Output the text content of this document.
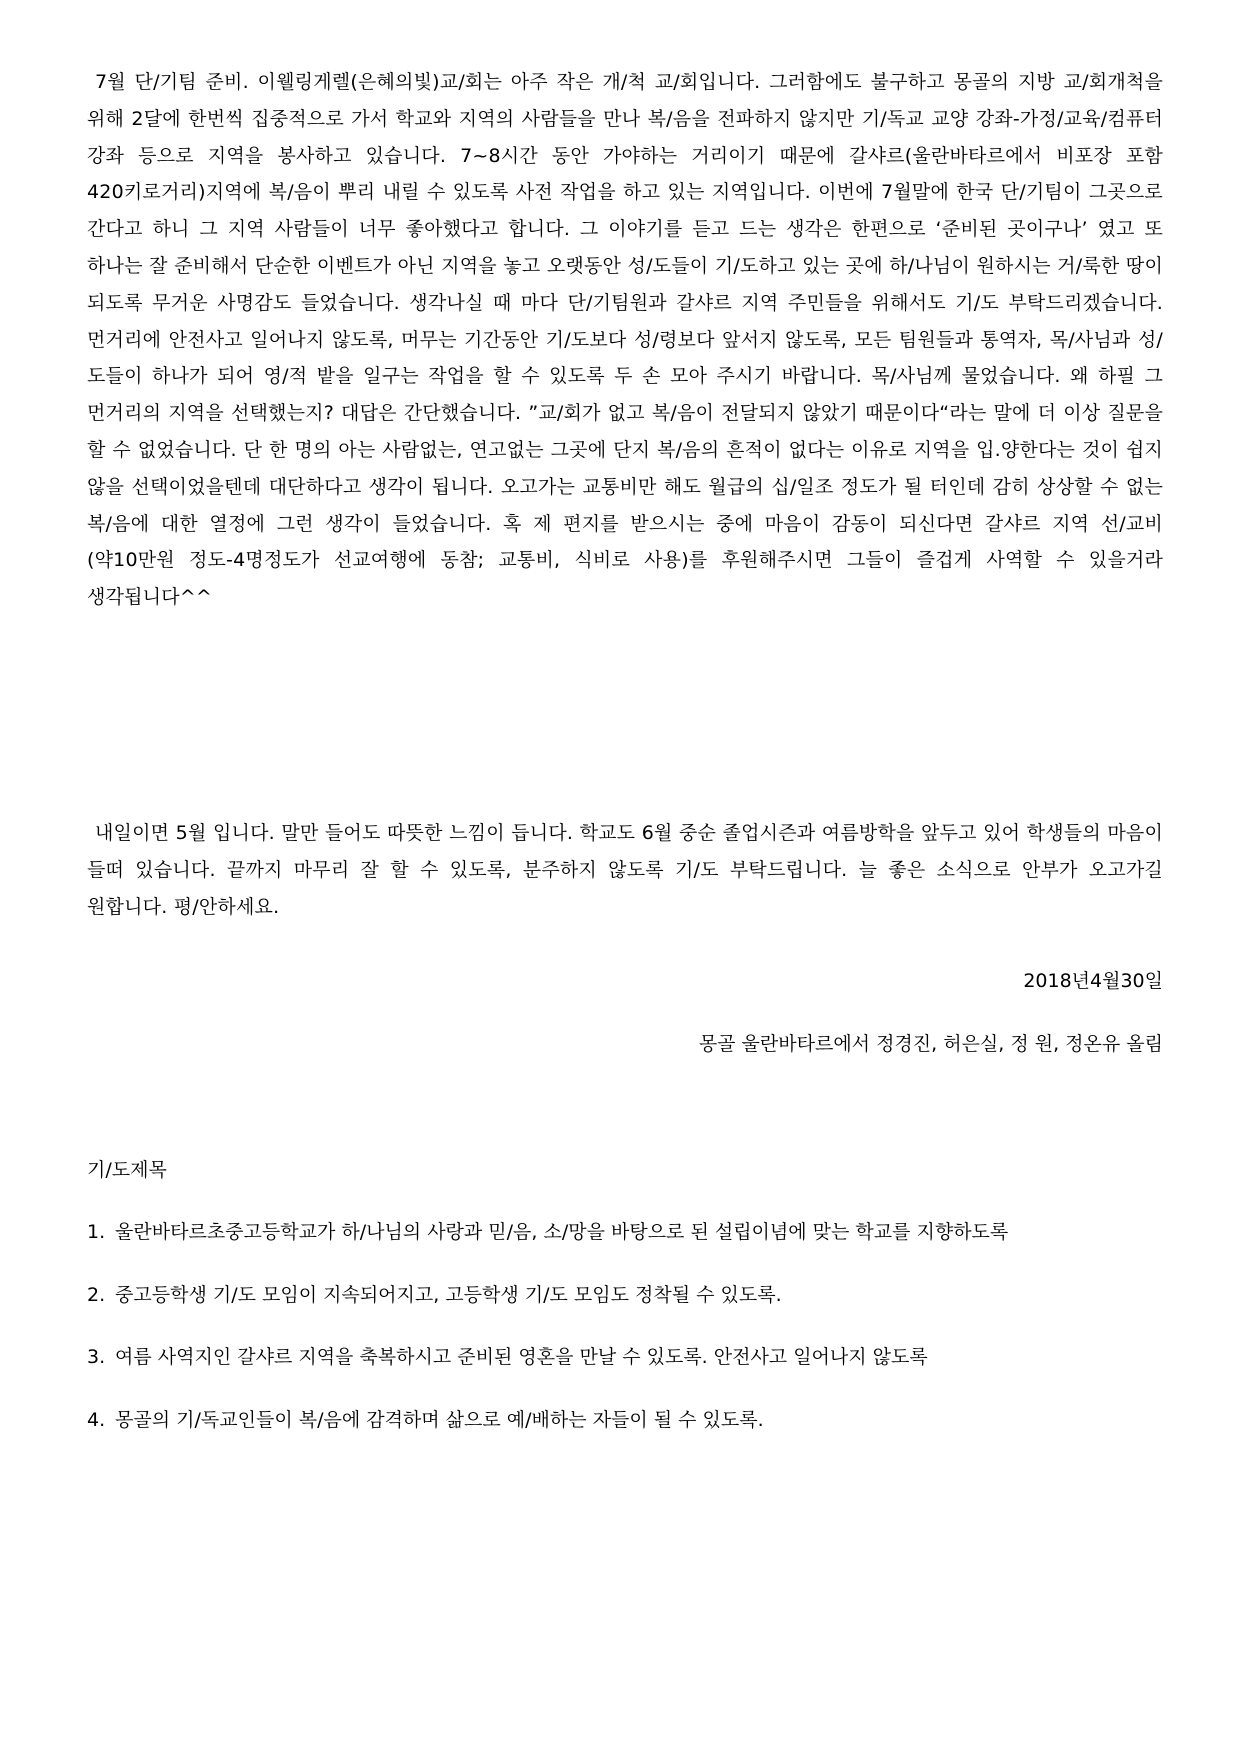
7월 단/기팀 준비. 이웰링게렐(은혜의빛)교/회는 아주 작은 개/척 교/회입니다. 그러함에도 불구하고 몽골의 지방 교/회개척을 위해 2달에 한번씩 집중적으로 가서 학교와 지역의 사람들을 만나 복/음을 전파하지 않지만 기/독교 교양 강좌-가정/교육/컴퓨터 강좌 등으로 지역을 봉사하고 있습니다. 7~8시간 동안 가야하는 거리이기 때문에 갈샤르(울란바타르에서 비포장 포함 420키로거리)지역에 복/음이 뿌리 내릴 수 있도록 사전 작업을 하고 있는 지역입니다. 이번에 7월말에 한국 단/기팀이 그곳으로 간다고 하니 그 지역 사람들이 너무 좋아했다고 합니다. 그 이야기를 듣고 드는 생각은 한편으로 ‘준비된 곳이구나’ 였고 또 하나는 잘 준비해서 단순한 이벤트가 아닌 지역을 놓고 오랫동안 성/도들이 기/도하고 있는 곳에 하/나님이 원하시는 거/룩한 땅이 되도록 무거운 사명감도 들었습니다. 생각나실 때 마다 단/기팀원과 갈샤르 지역 주민들을 위해서도 기/도 부탁드리겠습니다. 먼거리에 안전사고 일어나지 않도록, 머무는 기간동안 기/도보다 성/령보다 앞서지 않도록, 모든 팀원들과 통역자, 목/사님과 성/도들이 하나가 되어 영/적 밭을 일구는 작업을 할 수 있도록 두 손 모아 주시기 바랍니다. 목/사님께 물었습니다. 왜 하필 그 먼거리의 지역을 선택했는지? 대답은 간단했습니다. ”교/회가 없고 복/음이 전달되지 않았기 때문이다“라는 말에 더 이상 질문을 할 수 없었습니다. 단 한 명의 아는 사람없는, 연고없는 그곳에 단지 복/음의 흔적이 없다는 이유로 지역을 입.양한다는 것이 쉽지 않을 선택이었을텐데 대단하다고 생각이 됩니다. 오고가는 교통비만 해도 월급의 십/일조 정도가 될 터인데 감히 상상할 수 없는 복/음에 대한 열정에 그런 생각이 들었습니다. 혹 제 편지를 받으시는 중에 마음이 감동이 되신다면 갈샤르 지역 선/교비(약10만원 정도-4명정도가 선교여행에 동참; 교통비, 식비로 사용)를 후원해주시면 그들이 즐겁게 사역할 수 있을거라 생각됩니다^^

내일이면 5월 입니다. 말만 들어도 따뜻한 느낌이 듭니다. 학교도 6월 중순 졸업시즌과 여름방학을 앞두고 있어 학생들의 마음이 들떠 있습니다. 끝까지 마무리 잘 할 수 있도록, 분주하지 않도록 기/도 부탁드립니다. 늘 좋은 소식으로 안부가 오고가길 원합니다. 평/안하세요.

2018년4월30일
몽골 울란바타르에서 정경진, 허은실, 정 원, 정온유 올림
기/도제목
1. 울란바타르초중고등학교가 하/나님의 사랑과 믿/음, 소/망을 바탕으로 된 설립이념에 맞는 학교를 지향하도록
2. 중고등학생 기/도 모임이 지속되어지고, 고등학생 기/도 모임도 정착될 수 있도록.
3. 여름 사역지인 갈샤르 지역을 축복하시고 준비된 영혼을 만날 수 있도록. 안전사고 일어나지 않도록
4. 몽골의 기/독교인들이 복/음에 감격하며 삶으로 예/배하는 자들이 될 수 있도록.
